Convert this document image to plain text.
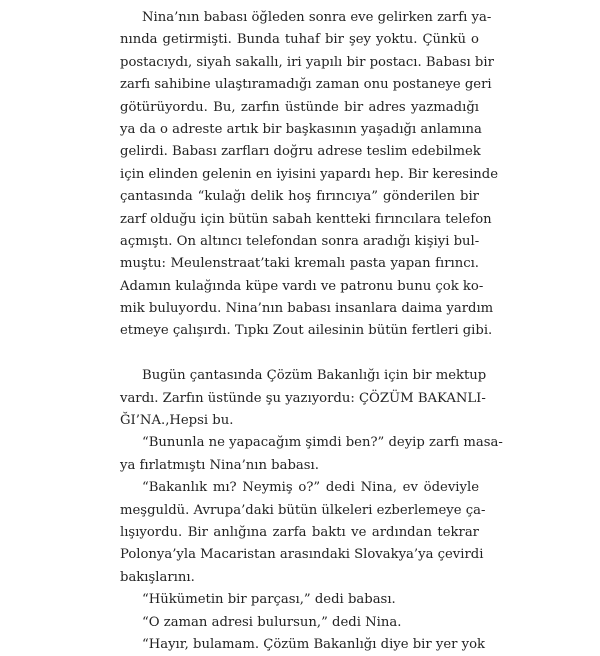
Nina’nın babası öğleden sonra eve gelirken zarfı ya-
nında getirmişti. Bunda tuhaf bir şey yoktu. Çünkü o
postacıydı, siyah sakallı, iri yapılı bir postacı. Babası bir
zarfı sahibine ulaştıramadığı zaman onu postaneye geri
götürüyordu. Bu, zarfın üstünde bir adres yazmadığı
ya da o adreste artık bir başkasının yaşadığı anlamına
gelirdi. Babası zarfları doğru adrese teslim edebilmek
için elinden gelenin en iyisini yapardı hep. Bir keresinde
çantasında “kulağı delik hoş fırıncıya” gönderilen bir
zarf olduğu için bütün sabah kentteki fırıncılara telefon
açmıştı. On altıncı telefondan sonra aradığı kişiyi bul-
muştu: Meulenstraat’taki kremalı pasta yapan fırıncı.
Adamın kulağında küpe vardı ve patronu bunu çok ko-
mik buluyordu. Nina’nın babası insanlara daima yardım
etmeye çalışırdı. Tıpkı Zout ailesinin bütün fertleri gibi.
Bugün çantasında Çözüm Bakanlığı için bir mektup
vardı. Zarfın üstünde şu yazıyordu: ÇÖZÜM BAKANLI-
ĞI’NA.,Hepsi bu.
“Bununla ne yapacağım şimdi ben?” deyip zarfı masa-
ya fırlatmıştı Nina’nın babası.
“Bakanlık mı? Neymiş o?” dedi Nina, ev ödeviyle
meşguldü. Avrupa’daki bütün ülkeleri ezberlemeye ça-
lışıyordu. Bir anlığına zarfa baktı ve ardından tekrar
Polonya’yla Macaristan arasındaki Slovakya’ya çevirdi
bakışlarını.
“Hükümetin bir parçası,” dedi babası.
“O zaman adresi bulursun,” dedi Nina.
“Hayır, bulamam. Çözüm Bakanlığı diye bir yer yok
